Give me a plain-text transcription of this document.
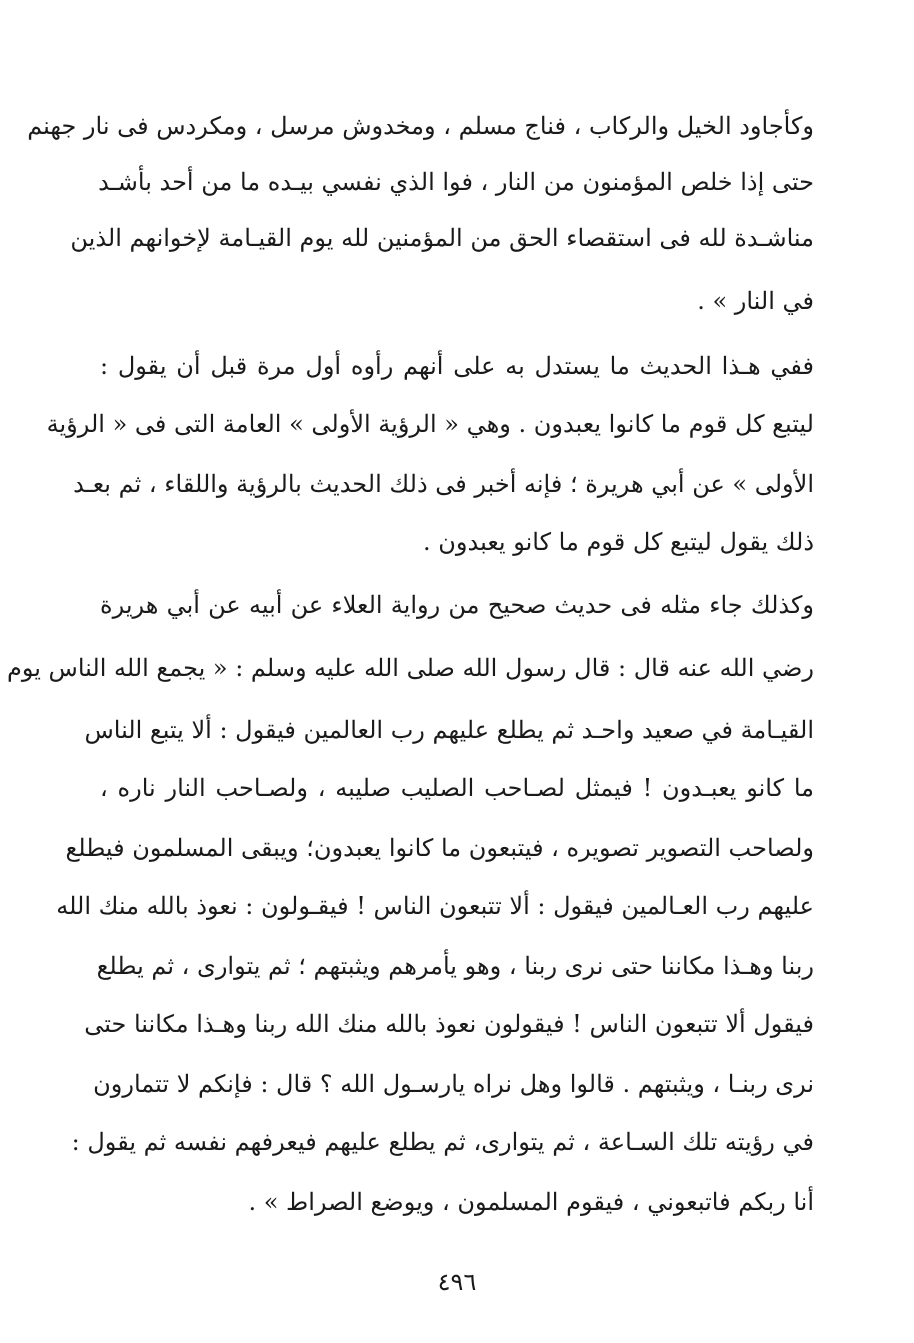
وكأجاود الخيل والركاب ، فناج مسلم ، ومخدوش مرسل ، ومكردس فى نار جهنم
حتى إذا خلص المؤمنون من النار ، فوا الذي نفسي بيـده ما من أحد بأشـد
مناشـدة لله فى استقصاء الحق من المؤمنين لله يوم القيـامة لإخوانهم الذين
في النار » .
ففي هـذا الحديث ما يستدل به على أنهم رأوه أول مرة قبل أن يقول :
ليتبع كل قوم ما كانوا يعبدون . وهي « الرؤية الأولى » العامة التى فى « الرؤية
الأولى » عن أبي هريرة ؛ فإنه أخبر فى ذلك الحديث بالرؤية واللقاء ، ثم بعـد
ذلك يقول ليتبع كل قوم ما كانو يعبدون .
وكذلك جاء مثله فى حديث صحيح من رواية العلاء عن أبيه عن أبي هريرة
رضي الله عنه قال : قال رسول الله صلى الله عليه وسلم : « يجمع الله الناس يوم
القيـامة في صعيد واحـد ثم يطلع عليهم رب العالمين فيقول : ألا يتبع الناس
ما كانو يعبـدون ! فيمثل لصـاحب الصليب صليبه ، ولصـاحب النار ناره ،
ولصاحب التصوير تصويره ، فيتبعون ما كانوا يعبدون؛ ويبقى المسلمون فيطلع
عليهم رب العـالمين فيقول : ألا تتبعون الناس ! فيقـولون : نعوذ بالله منك الله
ربنا وهـذا مكاننا حتى نرى ربنا ، وهو يأمرهم ويثبتهم ؛ ثم يتوارى ، ثم يطلع
فيقول ألا تتبعون الناس ! فيقولون نعوذ بالله منك الله ربنا وهـذا مكاننا حتى
نرى ربنـا ، ويثبتهم . قالوا وهل نراه يارسـول الله ؟ قال : فإنكم لا تتمارون
في رؤيته تلك السـاعة ، ثم يتوارى، ثم يطلع عليهم فيعرفهم نفسه ثم يقول :
أنا ربكم فاتبعوني ، فيقوم المسلمون ، ويوضع الصراط » .
٤٩٦
